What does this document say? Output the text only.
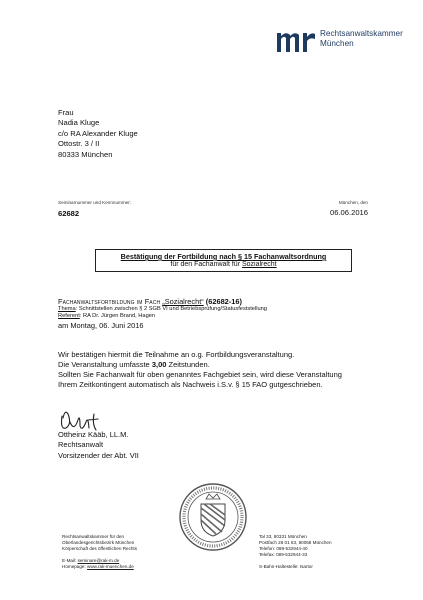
Rechtsanwaltskammer
München
Frau
Nadia Kluge
c/o RA Alexander Kluge
Ottostr. 3 / II
80333 München
Seminarnummer und Kennnummer:
62682
München, den
06.06.2016
Bestätigung der Fortbildung nach § 15 Fachanwaltsordnung
für den Fachanwalt für Sozialrecht
Fachanwaltsfortbildung im Fach „Sozialrecht“ (62682-16)
Thema: Schnittstellen zwischen § 2 SGB VI und Betriebsprüfung/Statusfeststellung
Referent: RA Dr. Jürgen Brand, Hagen
am Montag, 06. Juni 2016
Wir bestätigen hiermit die Teilnahme an o.g. Fortbildungsveranstaltung.
Die Veranstaltung umfasste 3,00 Zeitstunden.
Sollten Sie Fachanwalt für oben genanntes Fachgebiet sein, wird diese Veranstaltung
Ihrem Zeitkontingent automatisch als Nachweis i.S.v. § 15 FAO gutgeschrieben.
Ottheinz Kääb, LL.M.
Rechtsanwalt
Vorsitzender der Abt. VII
Rechtsanwaltskammer für den
Oberlandesgerichtsbezirk München
Körperschaft des öffentlichen Rechts
E-Mail: seminare@rak-m.de
Homepage: www.rak-muenchen.de
Tal 33, 80331 München
Postfach 26 01 63, 80058 München
Telefon: 089-532944-40
Telefax: 089-532944-33
S-Bahn-Haltestelle: Isartor
